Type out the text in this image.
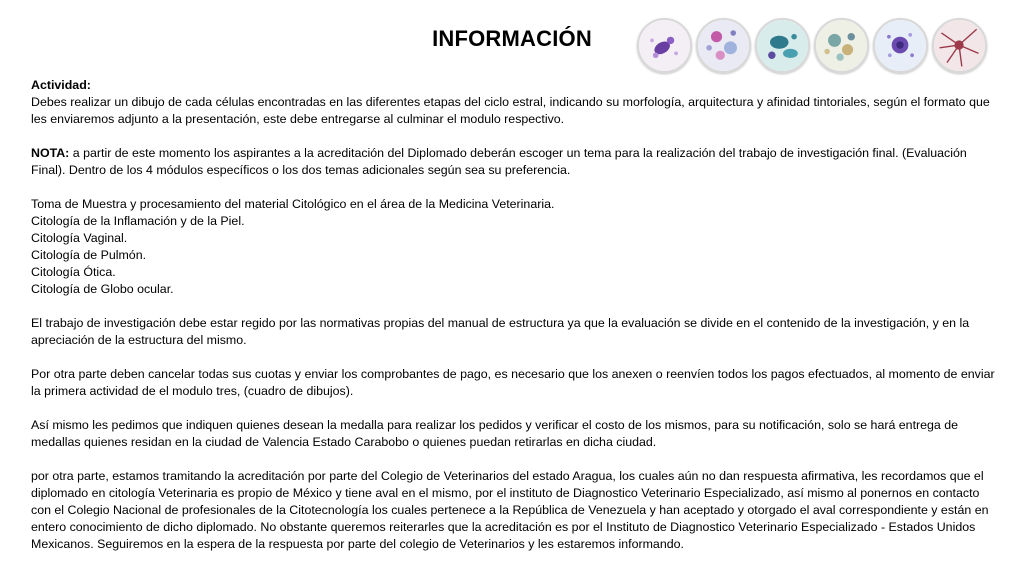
INFORMACIÓN

Actividad:
Debes realizar un dibujo de cada células encontradas en las diferentes etapas del ciclo estral, indicando su morfología, arquitectura y afinidad tintoriales, según el formato que les enviaremos adjunto a la presentación, este debe entregarse al culminar el modulo respectivo.

NOTA: a partir de este momento los aspirantes a la acreditación del Diplomado deberán escoger un tema para la realización del trabajo de investigación final. (Evaluación Final). Dentro de los 4 módulos específicos o los dos temas adicionales según sea su preferencia.

Toma de Muestra y procesamiento del material Citológico en el área de la Medicina Veterinaria.
Citología de la Inflamación y de la Piel.
Citología Vaginal.
Citología de Pulmón.
Citología Ótica.
Citología de Globo ocular.

El trabajo de investigación debe estar regido por las normativas propias del manual de estructura ya que la evaluación se divide en el contenido de la investigación, y en la apreciación de la estructura del mismo.

Por otra parte deben cancelar todas sus cuotas y enviar los comprobantes de pago, es necesario que los anexen o reenvíen todos los pagos efectuados, al momento de enviar la primera actividad de el modulo tres, (cuadro de dibujos).

Así mismo les pedimos que indiquen quienes desean la medalla para realizar los pedidos y verificar el costo de los mismos, para su notificación, solo se hará entrega de medallas quienes residan en la ciudad de Valencia Estado Carabobo o quienes puedan retirarlas en dicha ciudad.

por otra parte, estamos tramitando la acreditación por parte del Colegio de Veterinarios del estado Aragua, los cuales aún no dan respuesta afirmativa, les recordamos que el diplomado en citología Veterinaria es propio de México y tiene aval en el mismo, por el instituto de Diagnostico Veterinario Especializado, así mismo al ponernos en contacto con el Colegio Nacional de profesionales de la Citotecnología los cuales pertenece a la República de Venezuela y han aceptado y otorgado el aval correspondiente y están en entero conocimiento de dicho diplomado. No obstante queremos reiterarles que la acreditación es por el Instituto de Diagnostico Veterinario Especializado - Estados Unidos Mexicanos. Seguiremos en la espera de la respuesta por parte del colegio de Veterinarios y les estaremos informando.
